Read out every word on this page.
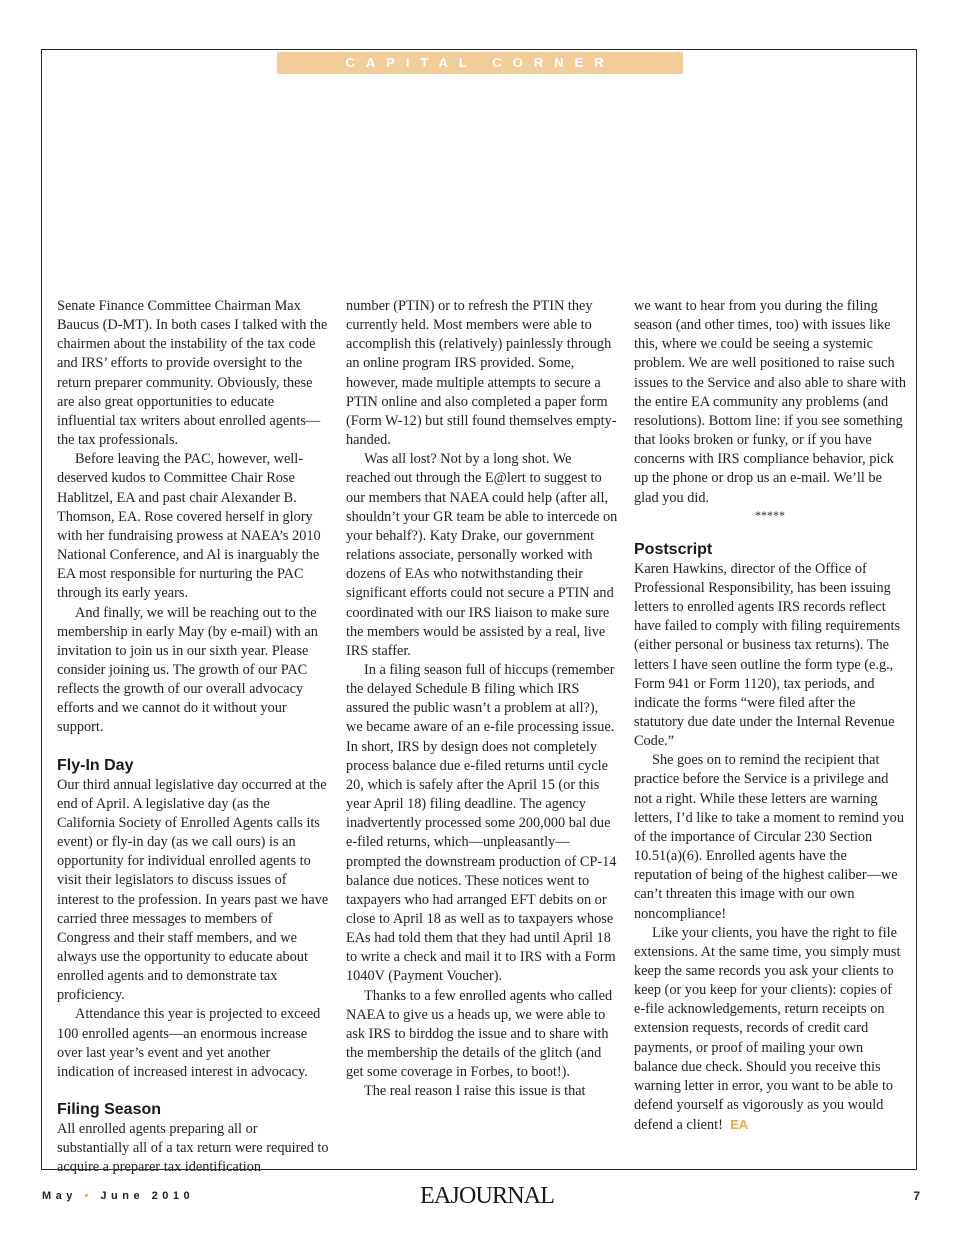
CAPITAL CORNER

Senate Finance Committee Chairman Max Baucus (D-MT). In both cases I talked with the chairmen about the instability of the tax code and IRS’ efforts to provide oversight to the return preparer community. Obviously, these are also great opportunities to educate influential tax writers about enrolled agents—the tax professionals.

Before leaving the PAC, however, well-deserved kudos to Committee Chair Rose Hablitzel, EA and past chair Alexander B. Thomson, EA. Rose covered herself in glory with her fundraising prowess at NAEA’s 2010 National Conference, and Al is inarguably the EA most responsible for nurturing the PAC through its early years.

And finally, we will be reaching out to the membership in early May (by e-mail) with an invitation to join us in our sixth year. Please consider joining us. The growth of our PAC reflects the growth of our overall advocacy efforts and we cannot do it without your support.

Fly-In Day

Our third annual legislative day occurred at the end of April. A legislative day (as the California Society of Enrolled Agents calls its event) or fly-in day (as we call ours) is an opportunity for individual enrolled agents to visit their legislators to discuss issues of interest to the profession. In years past we have carried three messages to members of Congress and their staff members, and we always use the opportunity to educate about enrolled agents and to demonstrate tax proficiency.

Attendance this year is projected to exceed 100 enrolled agents—an enormous increase over last year’s event and yet another indication of increased interest in advocacy.

Filing Season

All enrolled agents preparing all or substantially all of a tax return were required to acquire a preparer tax identification

number (PTIN) or to refresh the PTIN they currently held. Most members were able to accomplish this (relatively) painlessly through an online program IRS provided. Some, however, made multiple attempts to secure a PTIN online and also completed a paper form (Form W-12) but still found themselves empty-handed.

Was all lost? Not by a long shot. We reached out through the E@lert to suggest to our members that NAEA could help (after all, shouldn’t your GR team be able to intercede on your behalf?). Katy Drake, our government relations associate, personally worked with dozens of EAs who notwithstanding their significant efforts could not secure a PTIN and coordinated with our IRS liaison to make sure the members would be assisted by a real, live IRS staffer.

In a filing season full of hiccups (remember the delayed Schedule B filing which IRS assured the public wasn’t a problem at all?), we became aware of an e-file processing issue. In short, IRS by design does not completely process balance due e-filed returns until cycle 20, which is safely after the April 15 (or this year April 18) filing deadline. The agency inadvertently processed some 200,000 bal due e-filed returns, which—unpleasantly—prompted the downstream production of CP-14 balance due notices. These notices went to taxpayers who had arranged EFT debits on or close to April 18 as well as to taxpayers whose EAs had told them that they had until April 18 to write a check and mail it to IRS with a Form 1040V (Payment Voucher).

Thanks to a few enrolled agents who called NAEA to give us a heads up, we were able to ask IRS to birddog the issue and to share with the membership the details of the glitch (and get some coverage in Forbes, to boot!).

The real reason I raise this issue is that

we want to hear from you during the filing season (and other times, too) with issues like this, where we could be seeing a systemic problem. We are well positioned to raise such issues to the Service and also able to share with the entire EA community any problems (and resolutions). Bottom line: if you see something that looks broken or funky, or if you have concerns with IRS compliance behavior, pick up the phone or drop us an e-mail. We’ll be glad you did.

*****

Postscript

Karen Hawkins, director of the Office of Professional Responsibility, has been issuing letters to enrolled agents IRS records reflect have failed to comply with filing requirements (either personal or business tax returns). The letters I have seen outline the form type (e.g., Form 941 or Form 1120), tax periods, and indicate the forms “were filed after the statutory due date under the Internal Revenue Code.”

She goes on to remind the recipient that practice before the Service is a privilege and not a right. While these letters are warning letters, I’d like to take a moment to remind you of the importance of Circular 230 Section 10.51(a)(6). Enrolled agents have the reputation of being of the highest caliber—we can’t threaten this image with our own noncompliance!

Like your clients, you have the right to file extensions. At the same time, you simply must keep the same records you ask your clients to keep (or you keep for your clients): copies of e-file acknowledgements, return receipts on extension requests, records of credit card payments, or proof of mailing your own balance due check. Should you receive this warning letter in error, you want to be able to defend yourself as vigorously as you would defend a client! EA

May • June 2010	EAJOURNAL	7
